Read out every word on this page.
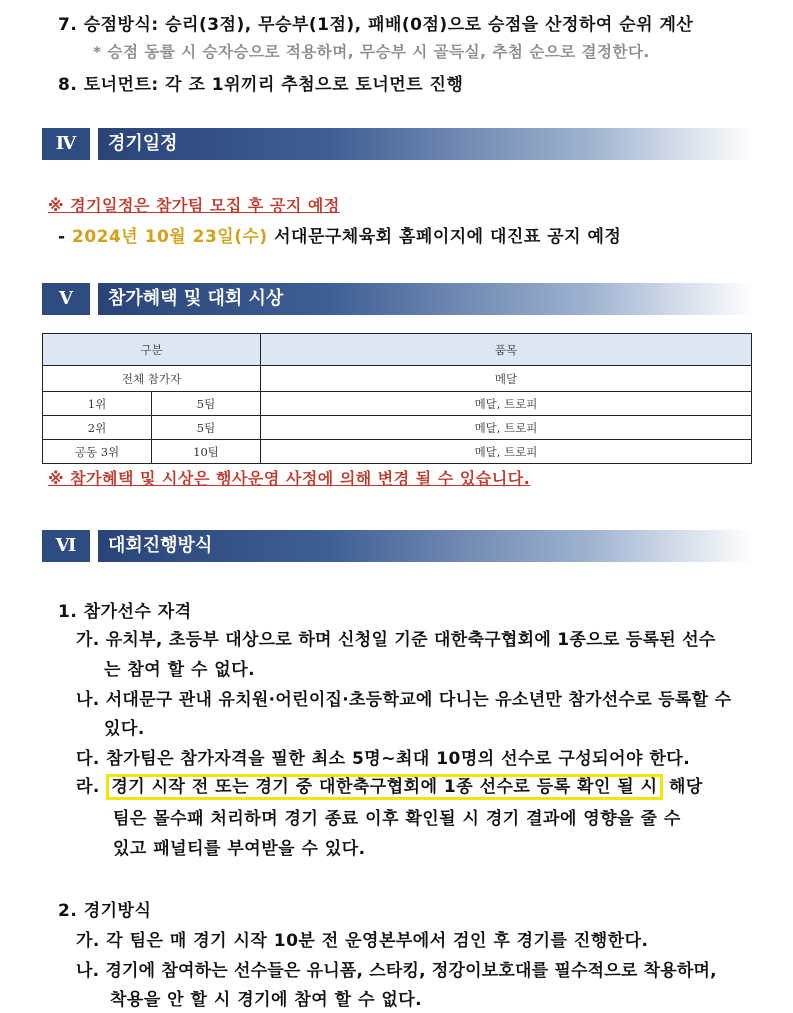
7. 승점방식: 승리(3점), 무승부(1점), 패배(0점)으로 승점을 산정하여 순위 계산
* 승점 동률 시 승자승으로 적용하며, 무승부 시 골득실, 추첨 순으로 결정한다.
8. 토너먼트: 각 조 1위끼리 추첨으로 토너먼트 진행
Ⅳ	경기일정
※ 경기일정은 참가팀 모집 후 공지 예정
- 2024년 10월 23일(수) 서대문구체육회 홈페이지에 대진표 공지 예정
Ⅴ	참가혜택 및 대회 시상
구분		품목
전체 참가자		메달
1위	5팀	메달, 트로피
2위	5팀	메달, 트로피
공동 3위	10팀	메달, 트로피
※ 참가혜택 및 시상은 행사운영 사정에 의해 변경 될 수 있습니다.
Ⅵ	대회진행방식
1. 참가선수 자격
가. 유치부, 초등부 대상으로 하며 신청일 기준 대한축구협회에 1종으로 등록된 선수
는 참여 할 수 없다.
나. 서대문구 관내 유치원·어린이집·초등학교에 다니는 유소년만 참가선수로 등록할 수
있다.
다. 참가팀은 참가자격을 필한 최소 5명~최대 10명의 선수로 구성되어야 한다.
라. 경기 시작 전 또는 경기 중 대한축구협회에 1종 선수로 등록 확인 될 시 해당
팀은 몰수패 처리하며 경기 종료 이후 확인될 시 경기 결과에 영향을 줄 수
있고 패널티를 부여받을 수 있다.
2. 경기방식
가. 각 팀은 매 경기 시작 10분 전 운영본부에서 검인 후 경기를 진행한다.
나. 경기에 참여하는 선수들은 유니폼, 스타킹, 정강이보호대를 필수적으로 착용하며,
착용을 안 할 시 경기에 참여 할 수 없다.
